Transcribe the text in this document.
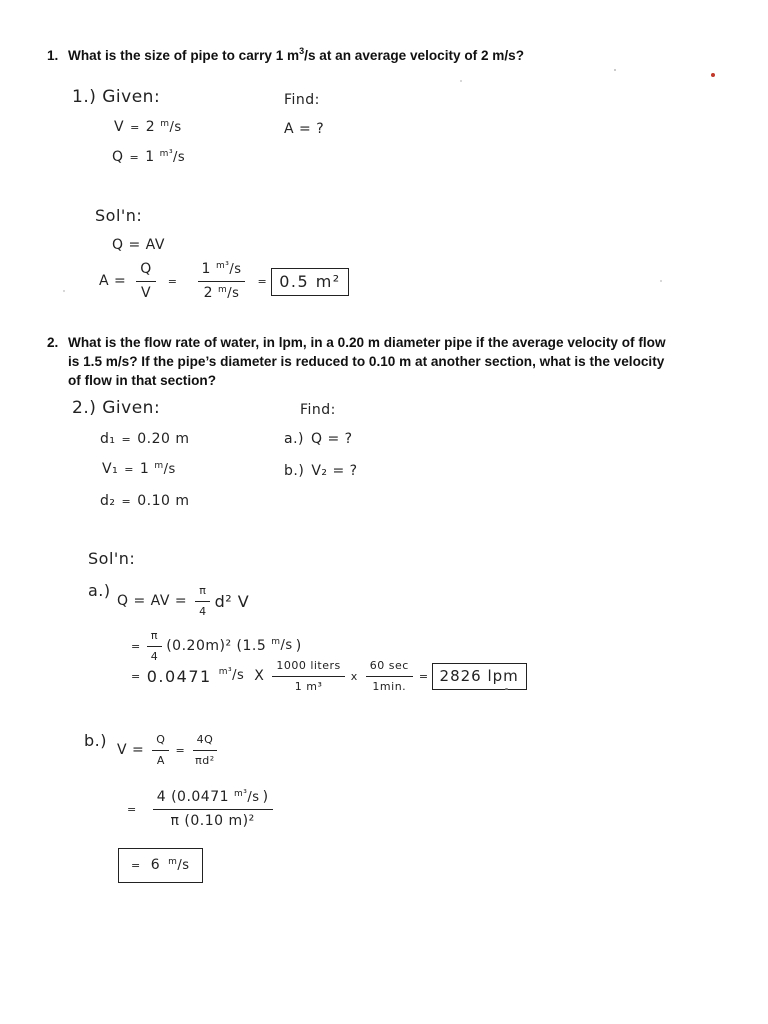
1. What is the size of pipe to carry 1 $m^3/s$ at an average velocity of 2 m/s?
1.) Given:	Find:
V = 2 $^m$/s	A = ?
Q = 1 $^{m^3}$/s
Sol'n:
Q = AV
$A = \frac{Q}{V} = \frac{1 ^{m^3}/s}{2 ^m/s} = 0.5$ m²
2. What is the flow rate of water, in lpm, in a 0.20 m diameter pipe if the average velocity of flow
is 1.5 m/s? If the pipe’s diameter is reduced to 0.10 m at another section, what is the velocity
of flow in that section?
2.) Given:	Find:
d₁ = 0.20 m	a.) Q = ?
V₁ = 1 $^m$/s	b.) V₂ = ?
d₂ = 0.10 m
Sol'n:
a.)
Q = AV = $\frac{\pi}{4} d^2$ V
= $\frac{\pi}{4} (0.20m)^2$ (1.5 $^m$/s )
= 0.0471 $^{m^3}$/s X $\frac{\text{1000 liters}}{\text{1 m³}}$ x $\frac{60 \sec}{1\min.} = 2826$ lpm
b.) $V = \frac{Q}{A} = \frac{4Q}{\text{πd²}}$
= $\frac{4 (0.0471 ^{m^3}/s )}{\text{π (0.10 m)²}}$
= 6 $^m$/s
